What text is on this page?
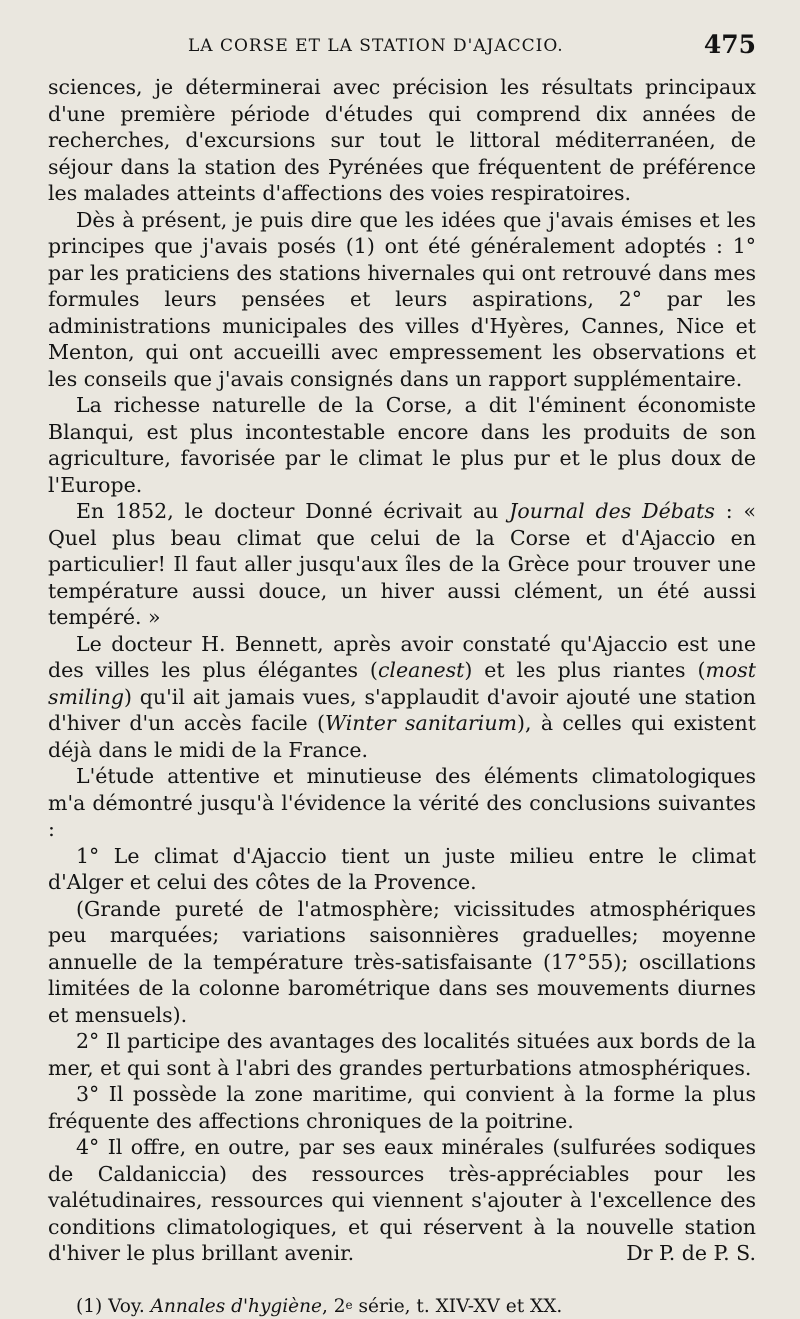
LA CORSE ET LA STATION D'AJACCIO.	475

sciences, je déterminerai avec précision les résultats principaux d'une première période d'études qui comprend dix années de recherches, d'excursions sur tout le littoral méditerranéen, de séjour dans la station des Pyrénées que fréquentent de préférence les malades atteints d'affections des voies respiratoires.

Dès à présent, je puis dire que les idées que j'avais émises et les principes que j'avais posés (1) ont été généralement adoptés : 1° par les praticiens des stations hivernales qui ont retrouvé dans mes formules leurs pensées et leurs aspirations, 2° par les administrations municipales des villes d'Hyères, Cannes, Nice et Menton, qui ont accueilli avec empressement les observations et les conseils que j'avais consignés dans un rapport supplémentaire.

La richesse naturelle de la Corse, a dit l'éminent économiste Blanqui, est plus incontestable encore dans les produits de son agriculture, favorisée par le climat le plus pur et le plus doux de l'Europe.

En 1852, le docteur Donné écrivait au Journal des Débats : « Quel plus beau climat que celui de la Corse et d'Ajaccio en particulier! Il faut aller jusqu'aux îles de la Grèce pour trouver une température aussi douce, un hiver aussi clément, un été aussi tempéré. »

Le docteur H. Bennett, après avoir constaté qu'Ajaccio est une des villes les plus élégantes (cleanest) et les plus riantes (most smiling) qu'il ait jamais vues, s'applaudit d'avoir ajouté une station d'hiver d'un accès facile (Winter sanitarium), à celles qui existent déjà dans le midi de la France.

L'étude attentive et minutieuse des éléments climatologiques m'a démontré jusqu'à l'évidence la vérité des conclusions suivantes :

1° Le climat d'Ajaccio tient un juste milieu entre le climat d'Alger et celui des côtes de la Provence.

(Grande pureté de l'atmosphère; vicissitudes atmosphériques peu marquées; variations saisonnières graduelles; moyenne annuelle de la température très-satisfaisante (17°55); oscillations limitées de la colonne barométrique dans ses mouvements diurnes et mensuels).

2° Il participe des avantages des localités situées aux bords de la mer, et qui sont à l'abri des grandes perturbations atmosphériques.

3° Il possède la zone maritime, qui convient à la forme la plus fréquente des affections chroniques de la poitrine.

4° Il offre, en outre, par ses eaux minérales (sulfurées sodiques de Caldaniccia) des ressources très-appréciables pour les valétudinaires, ressources qui viennent s'ajouter à l'excellence des conditions climatologiques, et qui réservent à la nouvelle station d'hiver le plus brillant avenir.	Dr P. de P. S.

(1) Voy. Annales d'hygiène, 2e série, t. XIV-XV et XX.
